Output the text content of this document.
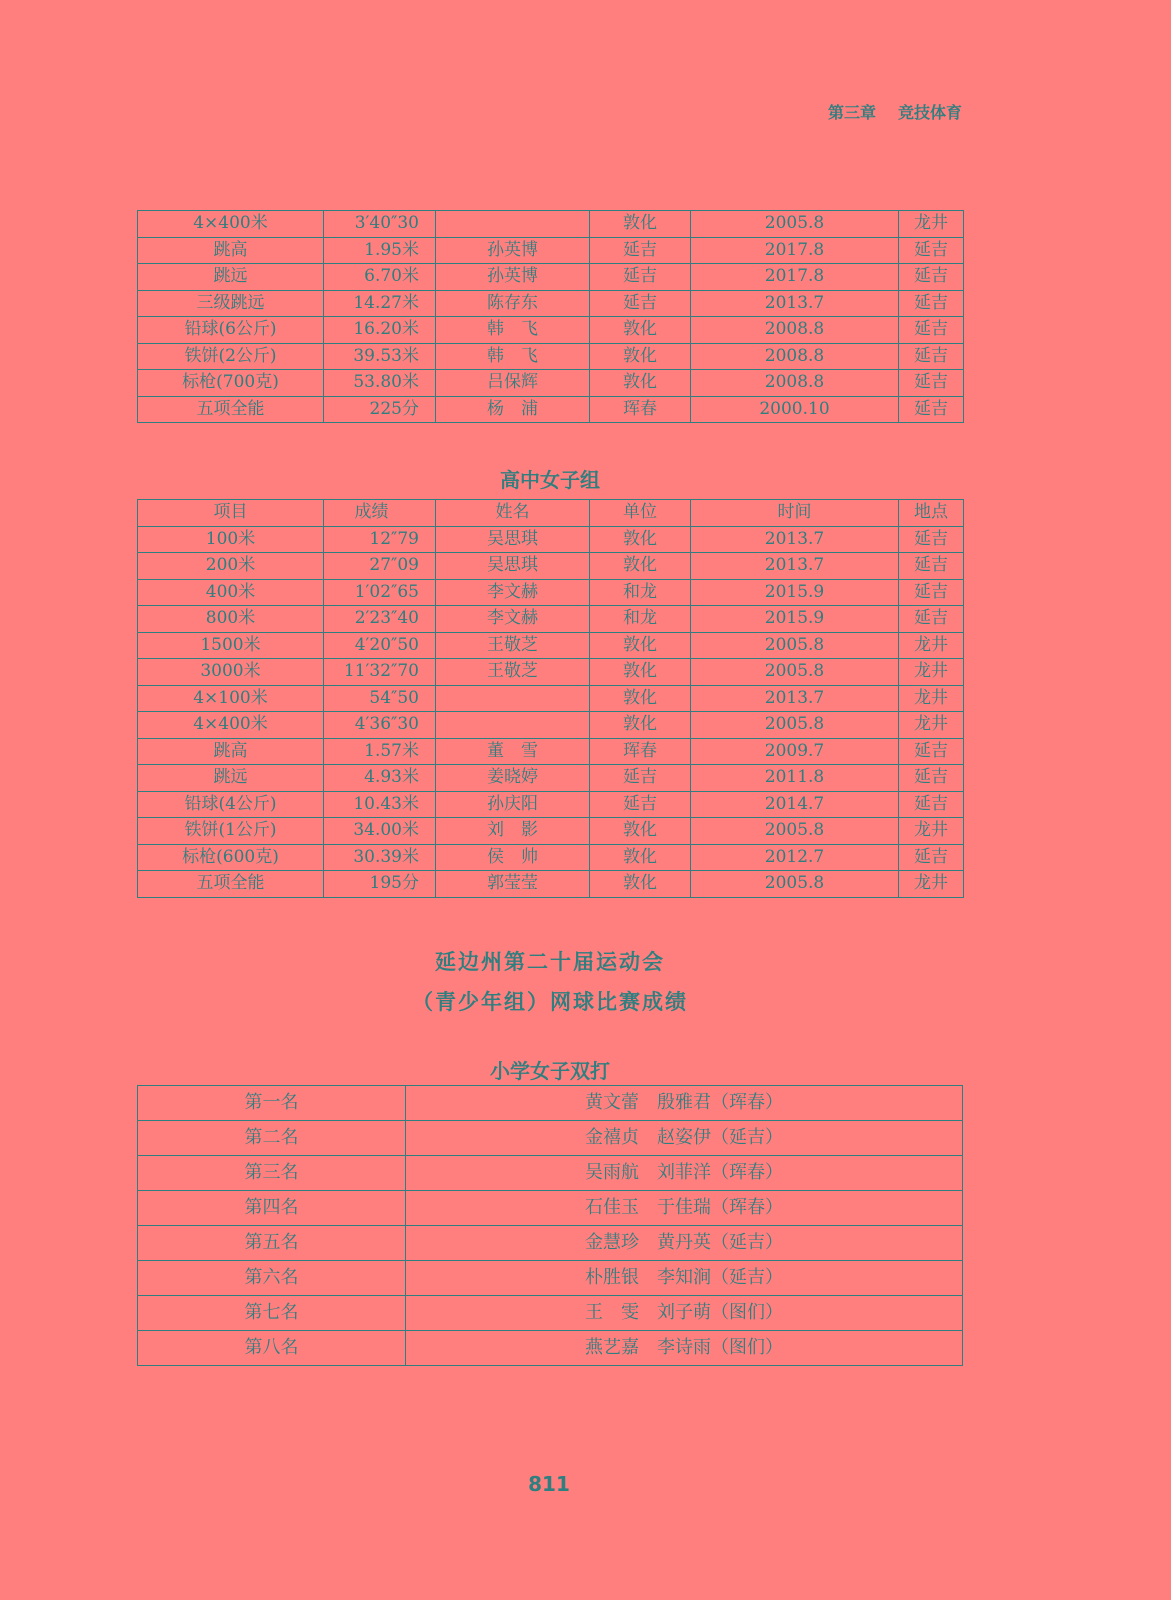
第三章 竞技体育
4×400米	3′40″30		敦化	2005.8	龙井
跳高	1.95米	孙英博	延吉	2017.8	延吉
跳远	6.70米	孙英博	延吉	2017.8	延吉
三级跳远	14.27米	陈存东	延吉	2013.7	延吉
铅球(6公斤)	16.20米	韩　飞	敦化	2008.8	延吉
铁饼(2公斤)	39.53米	韩　飞	敦化	2008.8	延吉
标枪(700克)	53.80米	吕保辉	敦化	2008.8	延吉
五项全能	225分	杨　浦	珲春	2000.10	延吉
高中女子组
项目	成绩	姓名	单位	时间	地点
100米	12″79	吴思琪	敦化	2013.7	延吉
200米	27″09	吴思琪	敦化	2013.7	延吉
400米	1′02″65	李文赫	和龙	2015.9	延吉
800米	2′23″40	李文赫	和龙	2015.9	延吉
1500米	4′20″50	王敬芝	敦化	2005.8	龙井
3000米	11′32″70	王敬芝	敦化	2005.8	龙井
4×100米	54″50		敦化	2013.7	龙井
4×400米	4′36″30		敦化	2005.8	龙井
跳高	1.57米	董　雪	珲春	2009.7	延吉
跳远	4.93米	姜晓婷	延吉	2011.8	延吉
铅球(4公斤)	10.43米	孙庆阳	延吉	2014.7	延吉
铁饼(1公斤)	34.00米	刘　影	敦化	2005.8	龙井
标枪(600克)	30.39米	侯　帅	敦化	2012.7	延吉
五项全能	195分	郭莹莹	敦化	2005.8	龙井
延边州第二十届运动会
（青少年组）网球比赛成绩
小学女子双打
第一名	黄文蕾　殷雅君（珲春）
第二名	金禧贞　赵姿伊（延吉）
第三名	吴雨航　刘菲洋（珲春）
第四名	石佳玉　于佳瑞（珲春）
第五名	金慧珍　黄丹英（延吉）
第六名	朴胜银　李知涧（延吉）
第七名	王　雯　刘子萌（图们）
第八名	燕艺嘉　李诗雨（图们）
811
